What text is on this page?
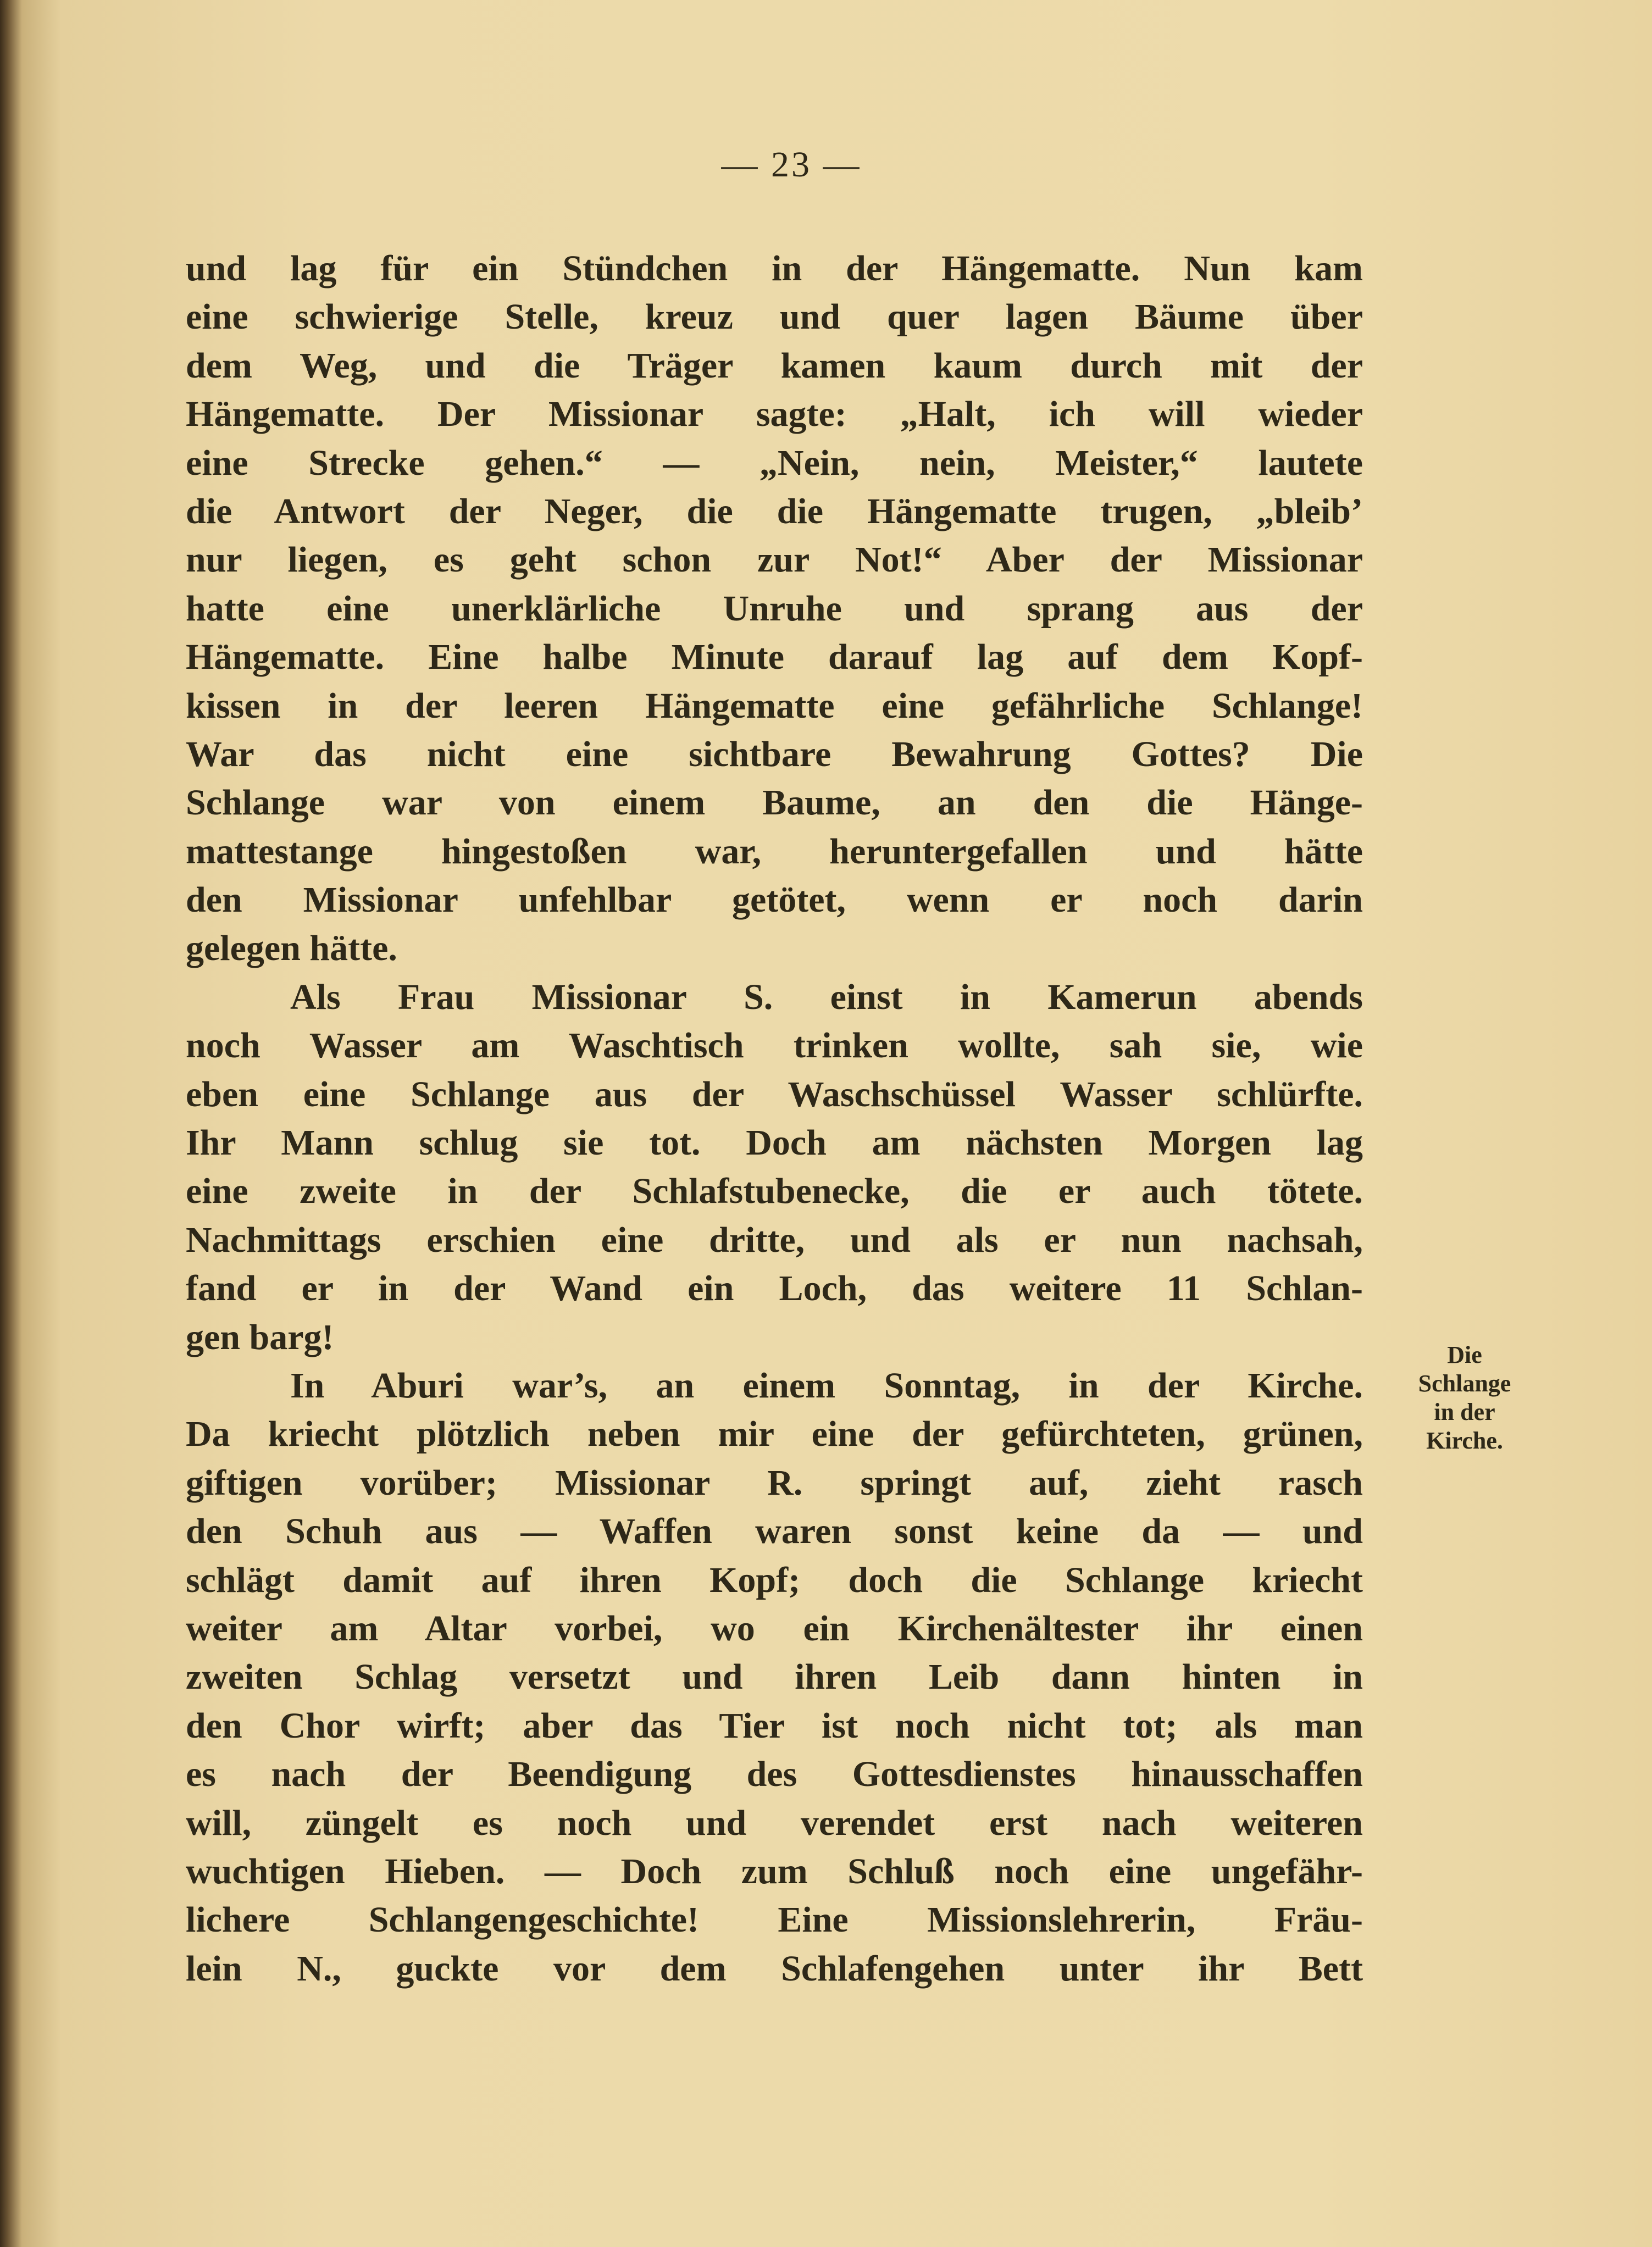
— 23 —
und lag für ein Stündchen in der Hängematte. Nun kam
eine schwierige Stelle, kreuz und quer lagen Bäume über
dem Weg, und die Träger kamen kaum durch mit der
Hängematte. Der Missionar sagte: „Halt, ich will wieder
eine Strecke gehen.“ — „Nein, nein, Meister,“ lautete
die Antwort der Neger, die die Hängematte trugen, „bleib’
nur liegen, es geht schon zur Not!“ Aber der Missionar
hatte eine unerklärliche Unruhe und sprang aus der
Hängematte. Eine halbe Minute darauf lag auf dem Kopf-
kissen in der leeren Hängematte eine gefährliche Schlange!
War das nicht eine sichtbare Bewahrung Gottes? Die
Schlange war von einem Baume, an den die Hänge-
mattestange hingestoßen war, heruntergefallen und hätte
den Missionar unfehlbar getötet, wenn er noch darin
gelegen hätte.
Als Frau Missionar S. einst in Kamerun abends
noch Wasser am Waschtisch trinken wollte, sah sie, wie
eben eine Schlange aus der Waschschüssel Wasser schlürfte.
Ihr Mann schlug sie tot. Doch am nächsten Morgen lag
eine zweite in der Schlafstubenecke, die er auch tötete.
Nachmittags erschien eine dritte, und als er nun nachsah,
fand er in der Wand ein Loch, das weitere 11 Schlan-
gen barg!
In Aburi war’s, an einem Sonntag, in der Kirche.
Da kriecht plötzlich neben mir eine der gefürchteten, grünen,
giftigen vorüber; Missionar R. springt auf, zieht rasch
den Schuh aus — Waffen waren sonst keine da — und
schlägt damit auf ihren Kopf; doch die Schlange kriecht
weiter am Altar vorbei, wo ein Kirchenältester ihr einen
zweiten Schlag versetzt und ihren Leib dann hinten in
den Chor wirft; aber das Tier ist noch nicht tot; als man
es nach der Beendigung des Gottesdienstes hinausschaffen
will, züngelt es noch und verendet erst nach weiteren
wuchtigen Hieben. — Doch zum Schluß noch eine ungefähr-
lichere Schlangengeschichte! Eine Missionslehrerin, Fräu-
lein N., guckte vor dem Schlafengehen unter ihr Bett
Die
Schlange
in der
Kirche.
